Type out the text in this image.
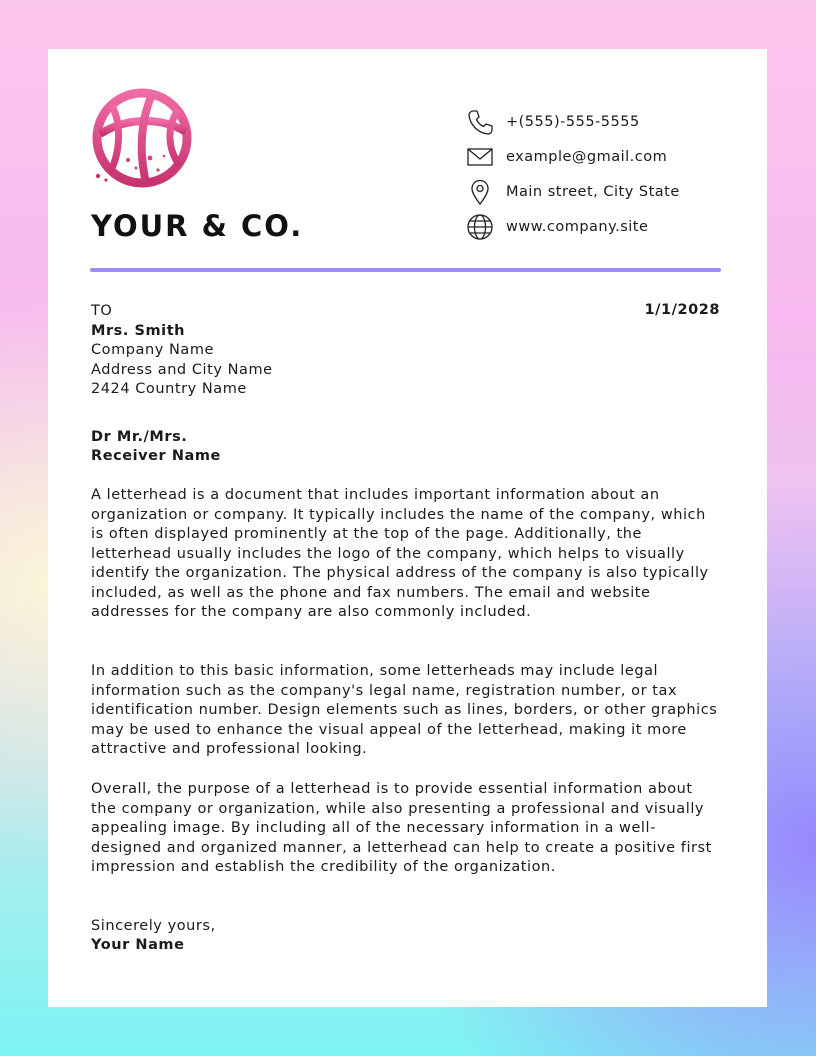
YOUR & CO.
+(555)-555-5555
example@gmail.com
Main street, City State
www.company.site

TO	1/1/2028

Mrs. Smith

Company Name

Address and City Name

2424 Country Name

Dr Mr./Mrs.

Receiver Name

A letterhead is a document that includes important information about an organization or company. It typically includes the name of the company, which is often displayed prominently at the top of the page. Additionally, the letterhead usually includes the logo of the company, which helps to visually identify the organization. The physical address of the company is also typically included, as well as the phone and fax numbers. The email and website addresses for the company are also commonly included.

In addition to this basic information, some letterheads may include legal information such as the company's legal name, registration number, or tax identification number. Design elements such as lines, borders, or other graphics may be used to enhance the visual appeal of the letterhead, making it more attractive and professional looking.

Overall, the purpose of a letterhead is to provide essential information about the company or organization, while also presenting a professional and visually appealing image. By including all of the necessary information in a well-designed and organized manner, a letterhead can help to create a positive first impression and establish the credibility of the organization.

Sincerely yours,

Your Name
